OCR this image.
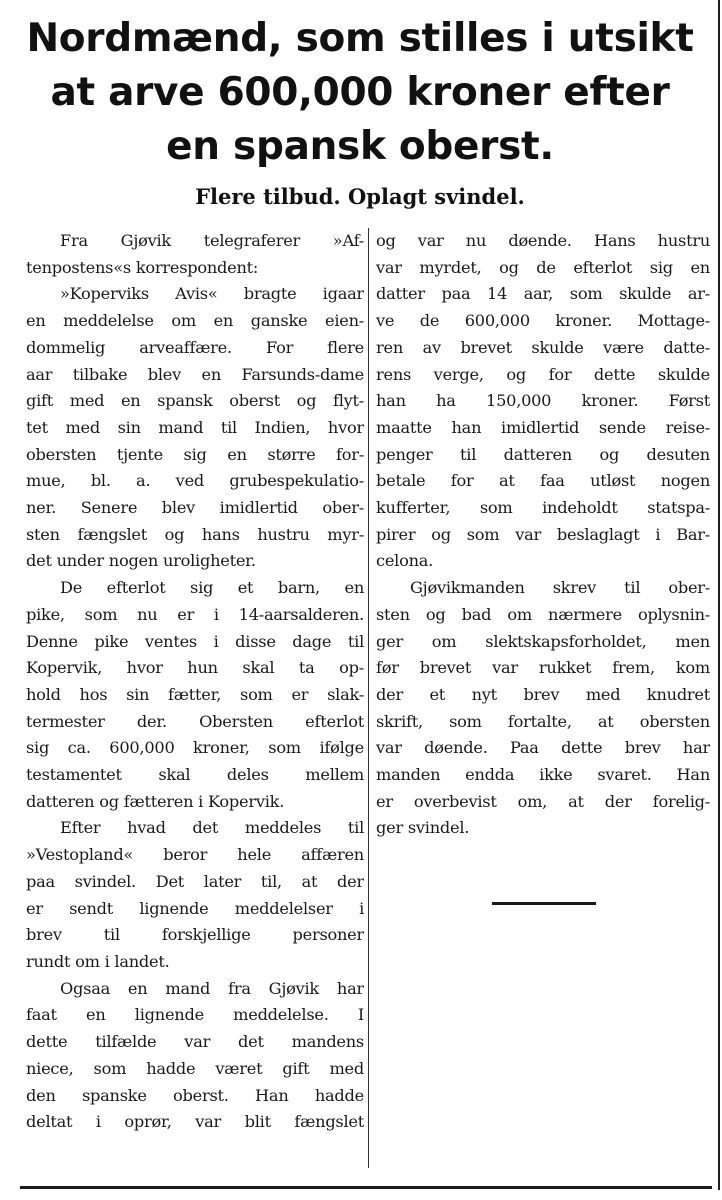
Nordmænd, som stilles i utsikt
at arve 600,000 kroner efter
en spansk oberst.
Flere tilbud. Oplagt svindel.
Fra Gjøvik telegraferer »Af-
tenpostens«s korrespondent:
»Koperviks Avis« bragte igaar
en meddelelse om en ganske eien-
dommelig arveaffære. For flere
aar tilbake blev en Farsunds-dame
gift med en spansk oberst og flyt-
tet med sin mand til Indien, hvor
obersten tjente sig en større for-
mue, bl. a. ved grubespekulatio-
ner. Senere blev imidlertid ober-
sten fængslet og hans hustru myr-
det under nogen uroligheter.
De efterlot sig et barn, en
pike, som nu er i 14-aarsalderen.
Denne pike ventes i disse dage til
Kopervik, hvor hun skal ta op-
hold hos sin fætter, som er slak-
termester der. Obersten efterlot
sig ca. 600,000 kroner, som ifølge
testamentet skal deles mellem
datteren og fætteren i Kopervik.
Efter hvad det meddeles til
»Vestopland« beror hele affæren
paa svindel. Det later til, at der
er sendt lignende meddelelser i
brev til forskjellige personer
rundt om i landet.
Ogsaa en mand fra Gjøvik har
faat en lignende meddelelse. I
dette tilfælde var det mandens
niece, som hadde været gift med
den spanske oberst. Han hadde
deltat i oprør, var blit fængslet
og var nu døende. Hans hustru
var myrdet, og de efterlot sig en
datter paa 14 aar, som skulde ar-
ve de 600,000 kroner. Mottage-
ren av brevet skulde være datte-
rens verge, og for dette skulde
han ha 150,000 kroner. Først
maatte han imidlertid sende reise-
penger til datteren og desuten
betale for at faa utløst nogen
kufferter, som indeholdt statspa-
pirer og som var beslaglagt i Bar-
celona.
Gjøvikmanden skrev til ober-
sten og bad om nærmere oplysnin-
ger om slektskapsforholdet, men
før brevet var rukket frem, kom
der et nyt brev med knudret
skrift, som fortalte, at obersten
var døende. Paa dette brev har
manden endda ikke svaret. Han
er overbevist om, at der forelig-
ger svindel.
